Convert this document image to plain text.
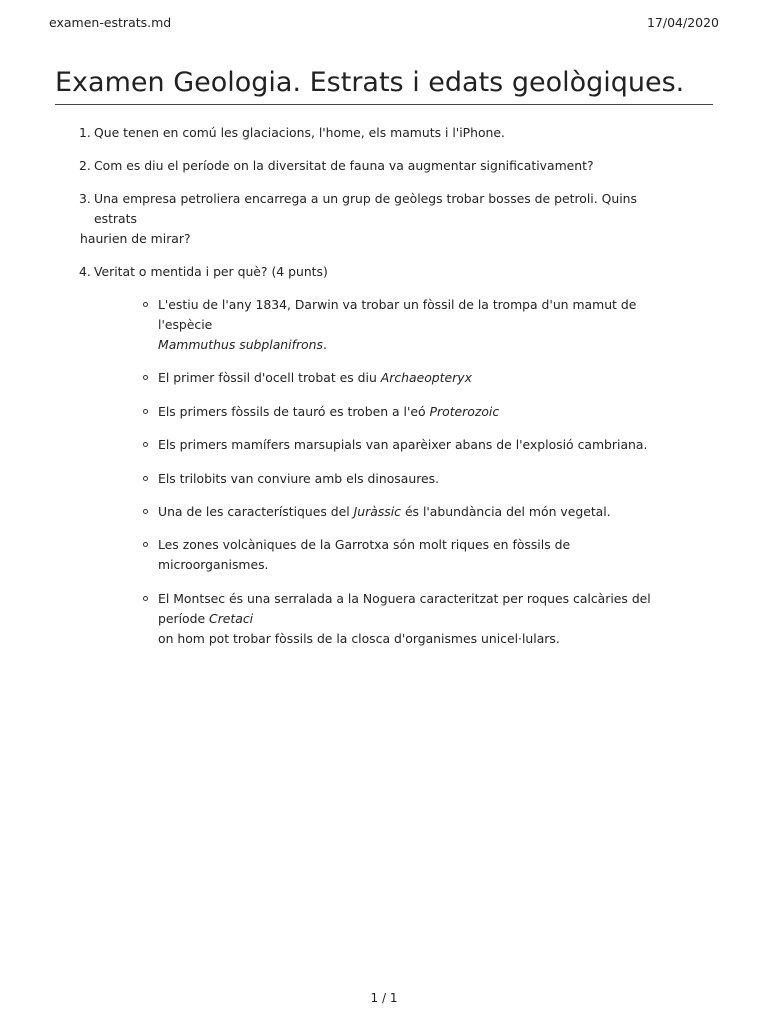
examen-estrats.md	17/04/2020
Examen Geologia. Estrats i edats geològiques.
1. Que tenen en comú les glaciacions, l'home, els mamuts i l'iPhone.
2. Com es diu el període on la diversitat de fauna va augmentar significativament?
3. Una empresa petroliera encarrega a un grup de geòlegs trobar bosses de petroli. Quins estrats
haurien de mirar?
4. Veritat o mentida i per què? (4 punts)
L'estiu de l'any 1834, Darwin va trobar un fòssil de la trompa d'un mamut de l'espècie
Mammuthus subplanifrons.
El primer fòssil d'ocell trobat es diu Archaeopteryx
Els primers fòssils de tauró es troben a l'eó Proterozoic
Els primers mamífers marsupials van aparèixer abans de l'explosió cambriana.
Els trilobits van conviure amb els dinosaures.
Una de les característiques del Juràssic és l'abundància del món vegetal.
Les zones volcàniques de la Garrotxa són molt riques en fòssils de microorganismes.
El Montsec és una serralada a la Noguera caracteritzat per roques calcàries del període Cretaci
on hom pot trobar fòssils de la closca d'organismes unicel·lulars.
1 / 1
